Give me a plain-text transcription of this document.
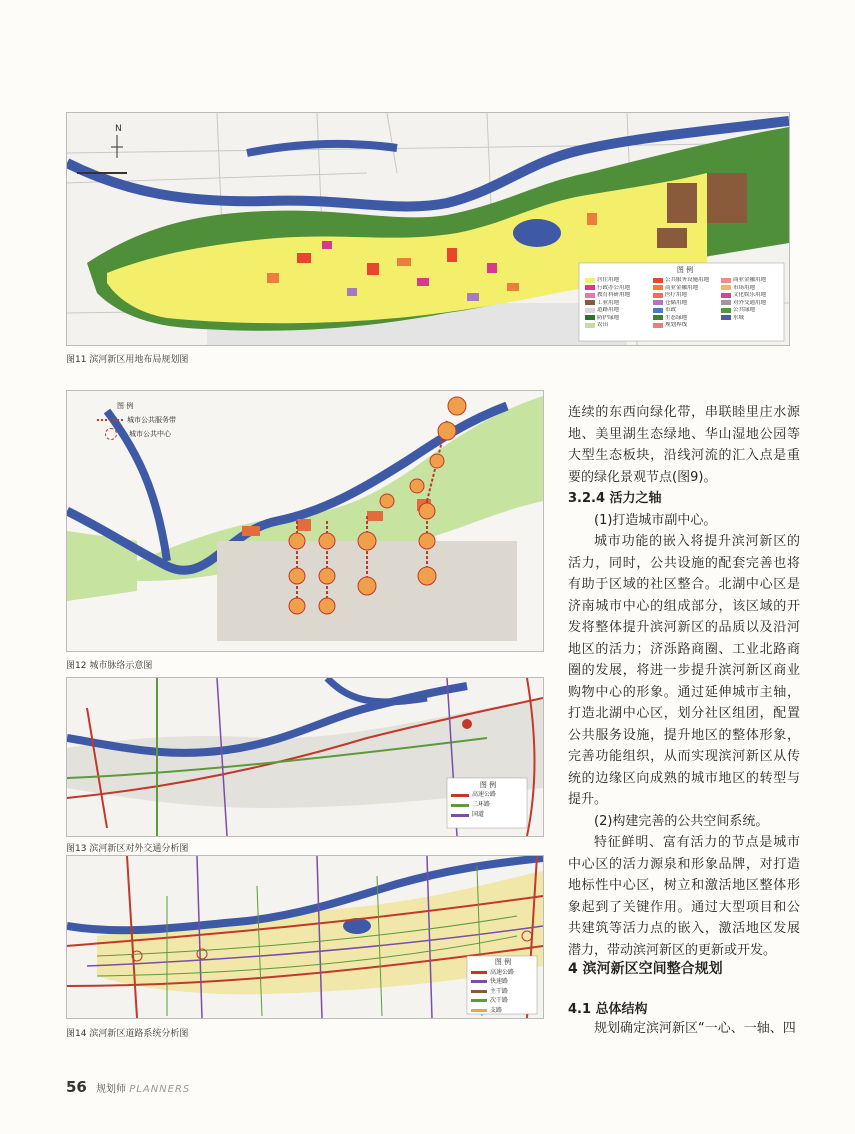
N
图 例
居住用地	公共服务设施用地	商业金融用地
行政办公用地	商业金融用地	市场用地
教育科研用地	医疗用地	文化娱乐用地
工业用地	仓储用地	对外交通用地
道路用地	市政	公共绿地
防护绿地	生态绿地	水域
农田	规划界线
图11 滨河新区用地布局规划图
图 例
城市公共服务带
城市公共中心
图12 城市脉络示意图
图 例
高速公路
二环路
国道
图13 滨河新区对外交通分析图
图 例
高速公路
快速路
主干路
次干路
支路
图14 滨河新区道路系统分析图

连续的东西向绿化带，串联睦里庄水源地、美里湖生态绿地、华山湿地公园等大型生态板块，沿线河流的汇入点是重要的绿化景观节点(图9)。

3.2.4 活力之轴

(1)打造城市副中心。

城市功能的嵌入将提升滨河新区的活力，同时，公共设施的配套完善也将有助于区域的社区整合。北湖中心区是济南城市中心的组成部分，该区域的开发将整体提升滨河新区的品质以及沿河地区的活力；济泺路商圈、工业北路商圈的发展，将进一步提升滨河新区商业购物中心的形象。通过延伸城市主轴，打造北湖中心区，划分社区组团，配置公共服务设施，提升地区的整体形象，完善功能组织，从而实现滨河新区从传统的边缘区向成熟的城市地区的转型与提升。

(2)构建完善的公共空间系统。

特征鲜明、富有活力的节点是城市中心区的活力源泉和形象品牌，对打造地标性中心区，树立和激活地区整体形象起到了关键作用。通过大型项目和公共建筑等活力点的嵌入，激活地区发展潜力，带动滨河新区的更新或开发。

4 滨河新区空间整合规划
4.1 总体结构

规划确定滨河新区“一心、一轴、四

56 规划师 PLANNERS
